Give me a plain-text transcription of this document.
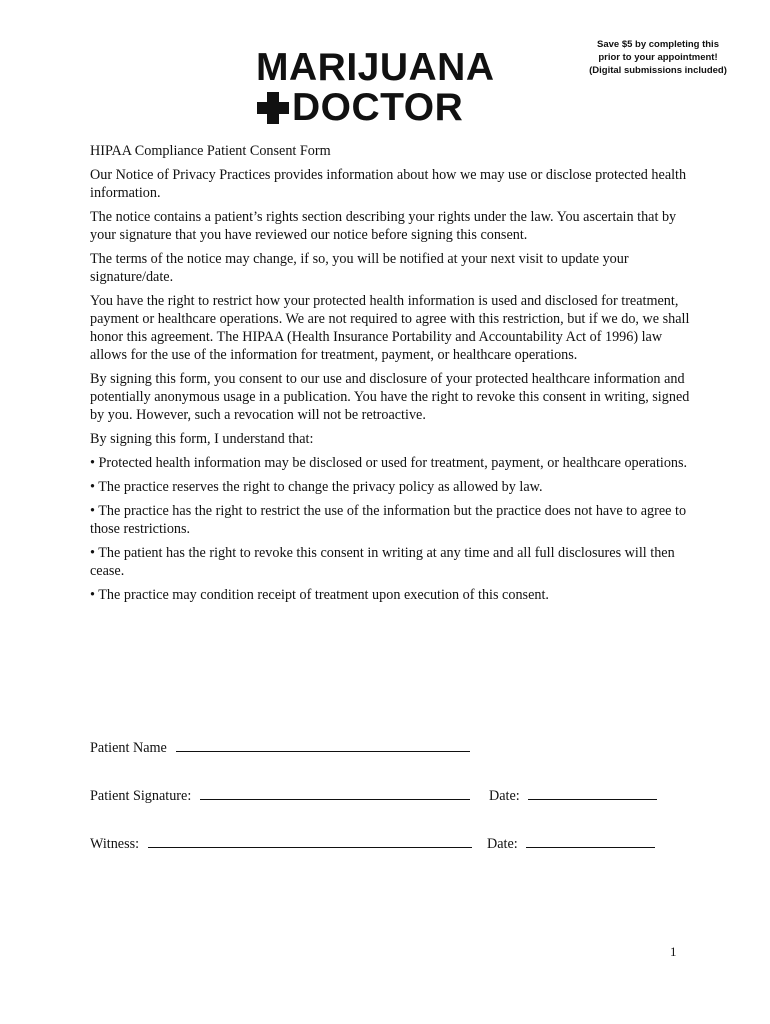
MARIJUANA
DOCTOR
Save $5 by completing this
prior to your appointment!
(Digital submissions included)

HIPAA Compliance Patient Consent Form

Our Notice of Privacy Practices provides information about how we may use or disclose protected health information.

The notice contains a patient’s rights section describing your rights under the law. You ascertain that by your signature that you have reviewed our notice before signing this consent.

The terms of the notice may change, if so, you will be notified at your next visit to update your signature/date.

You have the right to restrict how your protected health information is used and disclosed for treatment, payment or healthcare operations. We are not required to agree with this restriction, but if we do, we shall honor this agreement. The HIPAA (Health Insurance Portability and Accountability Act of 1996) law allows for the use of the information for treatment, payment, or healthcare operations.

By signing this form, you consent to our use and disclosure of your protected healthcare information and potentially anonymous usage in a publication. You have the right to revoke this consent in writing, signed by you. However, such a revocation will not be retroactive.

By signing this form, I understand that:

• Protected health information may be disclosed or used for treatment, payment, or healthcare operations.

• The practice reserves the right to change the privacy policy as allowed by law.

• The practice has the right to restrict the use of the information but the practice does not have to agree to those restrictions.

• The patient has the right to revoke this consent in writing at any time and all full disclosures will then cease.

• The practice may condition receipt of treatment upon execution of this consent.

Patient Name
Patient Signature:	Date:
Witness:	Date:
1
